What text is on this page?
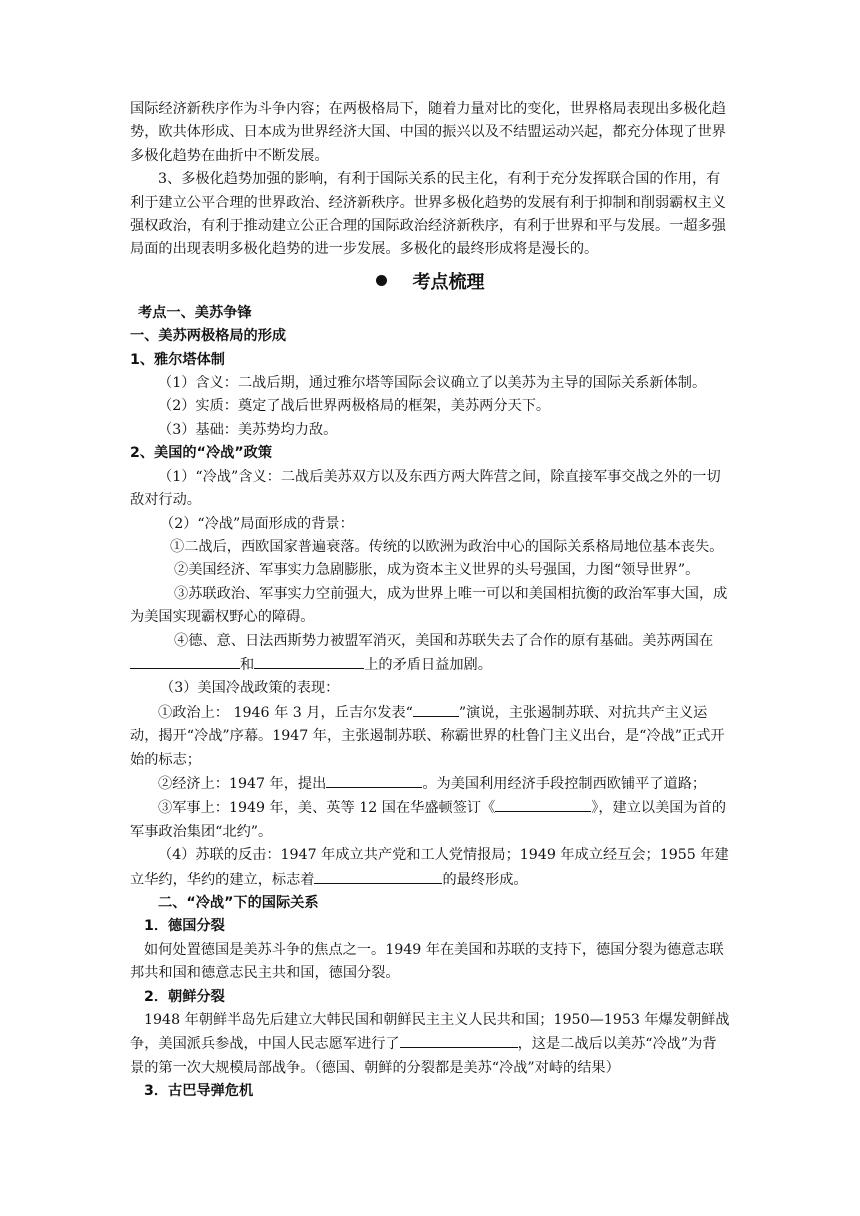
国际经济新秩序作为斗争内容；在两极格局下，随着力量对比的变化，世界格局表现出多极化趋势，欧共体形成、日本成为世界经济大国、中国的振兴以及不结盟运动兴起，都充分体现了世界多极化趋势在曲折中不断发展。

3、多极化趋势加强的影响，有利于国际关系的民主化，有利于充分发挥联合国的作用，有利于建立公平合理的世界政治、经济新秩序。世界多极化趋势的发展有利于抑制和削弱霸权主义强权政治，有利于推动建立公正合理的国际政治经济新秩序，有利于世界和平与发展。一超多强局面的出现表明多极化趋势的进一步发展。多极化的最终形成将是漫长的。

考点梳理

考点一、美苏争锋

一、美苏两极格局的形成

1、雅尔塔体制

（1）含义：二战后期，通过雅尔塔等国际会议确立了以美苏为主导的国际关系新体制。

（2）实质：奠定了战后世界两极格局的框架，美苏两分天下。

（3）基础：美苏势均力敌。

2、美国的“冷战”政策

（1）“冷战”含义：二战后美苏双方以及东西方两大阵营之间，除直接军事交战之外的一切敌对行动。

（2）“冷战”局面形成的背景：

①二战后，西欧国家普遍衰落。传统的以欧洲为政治中心的国际关系格局地位基本丧失。

②美国经济、军事实力急剧膨胀，成为资本主义世界的头号强国，力图“领导世界”。

③苏联政治、军事实力空前强大，成为世界上唯一可以和美国相抗衡的政治军事大国，成为美国实现霸权野心的障碍。

④德、意、日法西斯势力被盟军消灭，美国和苏联失去了合作的原有基础。美苏两国在和	上的矛盾日益加剧。

（3）美国冷战政策的表现：

①政治上： 1946 年 3 月，丘吉尔发表“	”演说，主张遏制苏联、对抗共产主义运动，揭开“冷战”序幕。1947 年，主张遏制苏联、称霸世界的杜鲁门主义出台，是“冷战”正式开始的标志；

②经济上：1947 年，提出	。为美国利用经济手段控制西欧铺平了道路；

③军事上：1949 年，美、英等 12 国在华盛顿签订《	》，建立以美国为首的军事政治集团“北约”。

（4）苏联的反击：1947 年成立共产党和工人党情报局；1949 年成立经互会；1955 年建立华约，华约的建立，标志着	的最终形成。

二、“冷战”下的国际关系

1．德国分裂

如何处置德国是美苏斗争的焦点之一。1949 年在美国和苏联的支持下，德国分裂为德意志联邦共和国和德意志民主共和国，德国分裂。

2．朝鲜分裂

1948 年朝鲜半岛先后建立大韩民国和朝鲜民主主义人民共和国；1950—1953 年爆发朝鲜战争，美国派兵参战，中国人民志愿军进行了	，这是二战后以美苏“冷战”为背景的第一次大规模局部战争。（德国、朝鲜的分裂都是美苏“冷战”对峙的结果）

3．古巴导弹危机
